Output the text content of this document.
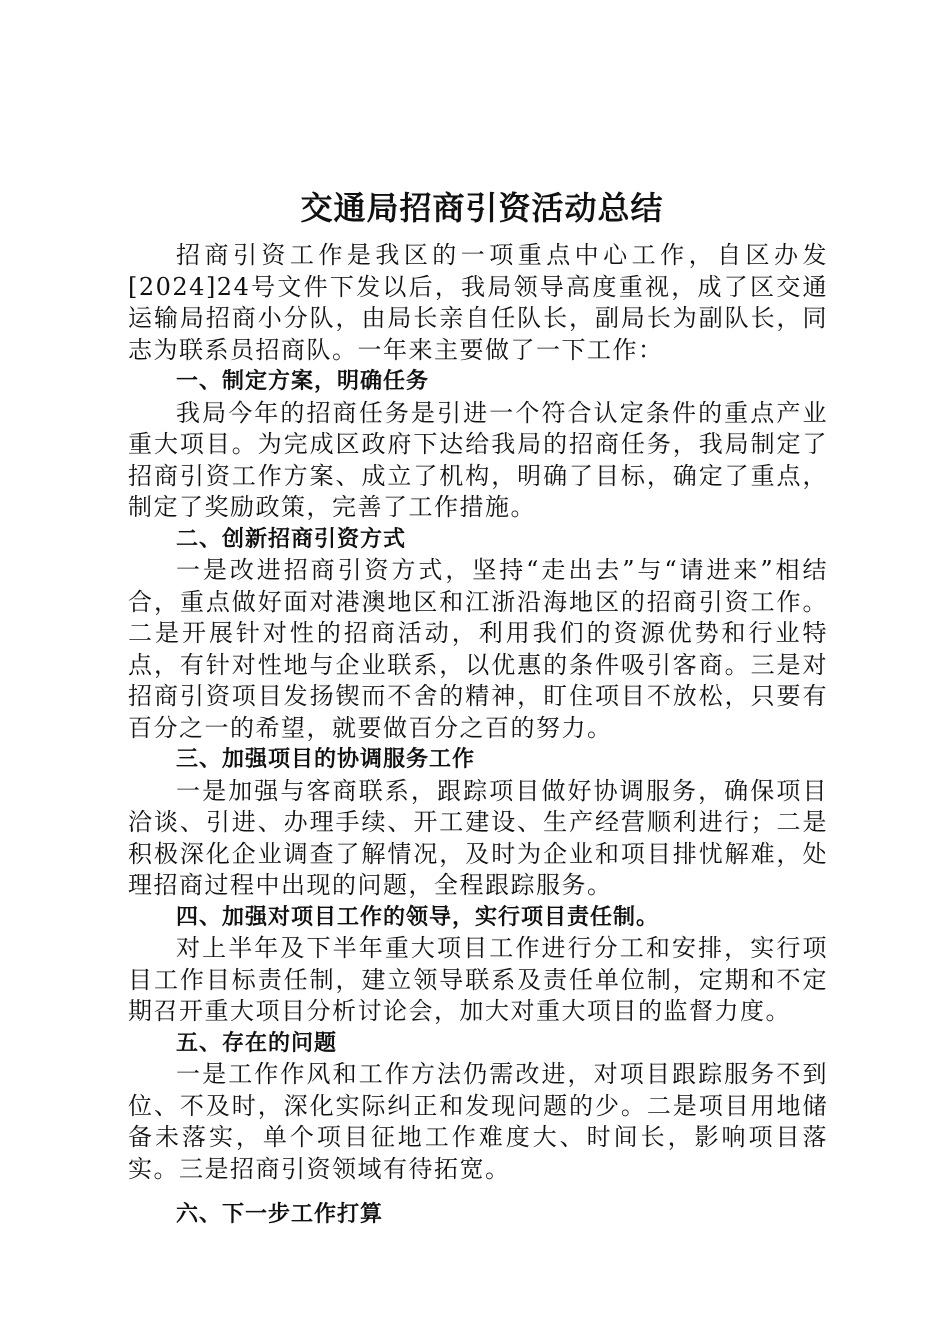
交通局招商引资活动总结

招商引资工作是我区的一项重点中心工作，自区办发[2024]24号文件下发以后，我局领导高度重视，成了区交通运输局招商小分队，由局长亲自任队长，副局长为副队长，同志为联系员招商队。一年来主要做了一下工作：

一、制定方案，明确任务

我局今年的招商任务是引进一个符合认定条件的重点产业重大项目。为完成区政府下达给我局的招商任务，我局制定了招商引资工作方案、成立了机构，明确了目标，确定了重点，制定了奖励政策，完善了工作措施。

二、创新招商引资方式

一是改进招商引资方式，坚持“走出去”与“请进来”相结合，重点做好面对港澳地区和江浙沿海地区的招商引资工作。二是开展针对性的招商活动，利用我们的资源优势和行业特点，有针对性地与企业联系，以优惠的条件吸引客商。三是对招商引资项目发扬锲而不舍的精神，盯住项目不放松，只要有百分之一的希望，就要做百分之百的努力。

三、加强项目的协调服务工作

一是加强与客商联系，跟踪项目做好协调服务，确保项目洽谈、引进、办理手续、开工建设、生产经营顺利进行；二是积极深化企业调查了解情况，及时为企业和项目排忧解难，处理招商过程中出现的问题，全程跟踪服务。

四、加强对项目工作的领导，实行项目责任制。

对上半年及下半年重大项目工作进行分工和安排，实行项目工作目标责任制，建立领导联系及责任单位制，定期和不定期召开重大项目分析讨论会，加大对重大项目的监督力度。

五、存在的问题

一是工作作风和工作方法仍需改进，对项目跟踪服务不到位、不及时，深化实际纠正和发现问题的少。二是项目用地储备未落实，单个项目征地工作难度大、时间长，影响项目落实。三是招商引资领域有待拓宽。

六、下一步工作打算
